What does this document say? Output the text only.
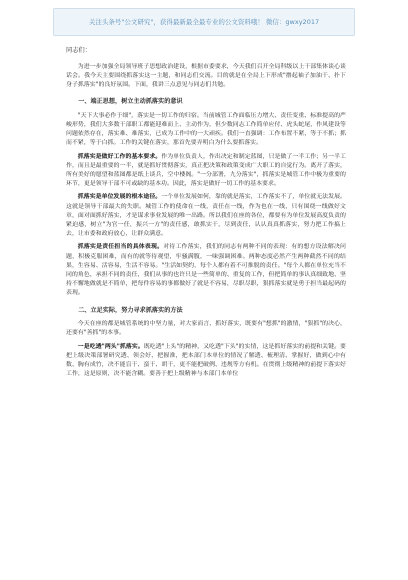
关注头条号"公文研究"，获得最新最全最专业的公文资料哦！ 微信：gwxy2017

同志们：

为进一步加强全局领导班子思想政治建设，根据市委要求，今天我们召开全局科级以上干部集体谈心谈话会。我今天主要围绕抓落实这一主题，和同志们交流。目的就是在全局上下形成"撸起袖子加油干、扑下身子抓落实"的良好氛围。下面，我讲三点意见与同志们共勉。

一、端正思想，树立主动抓落实的意识

"天下大事必作于细"，落实是一切工作的归宿。当前城管工作面临压力增大、责任变重、标准提高的严峻形势，我们大多数干部职工都能迎难而上、主动作为，但少数同志工作简单应付、虎头蛇尾，作风建设等问题依然存在，落实难、难落实，已成为工作中的一大顽疾。我们一直强调：工作布置不紧，等于不抓；抓而不紧，等于白抓。工作的关键在落实，那首先要弄明白为什么要抓落实。

抓落实是做好工作的基本要求。作为单位负责人，作出决定和制定蓝图，只是做了一半工作；另一半工作，而且是最重要的一半，就是抓好贯彻落实，真正把决策和政策变成广大职工的自觉行为。离开了落实，所有美好的愿望和蓝图都是纸上谈兵，空中楼阁。"一分部署，九分落实"，抓落实是城管工作中极为重要的环节，更是领导干部不可或缺的基本功。因此，落实是做好一切工作的基本要求。

抓落实是单位发展的根本途径。一个单位发展如何，靠的就是落实，工作落实不了，单位就无法发展。这就是领导干部最大的失职。城管工作的使命在一线，责任在一线，作为也在一线，只有围绕一线做好文章，面对面抓好落实，才是谋求事业发展的唯一出路。所以我们在座的各位，都要有为单位发展高度负责的紧迫感，树立"为官一任，振兴一方"的责任感，敢抓实干，尽到责任，认认真真抓落实，努力把工作搞上去，让市委和政府放心，让群众满意。

抓落实是责任担当的具体表现。对待工作落实，我们的同志有两种不同的表现：有的想方设法解决问题，积极克服困难，而有的就等待观望，牢骚满腹，一味强调困难。两种态度必然产生两种截然不同的结果，生容易、活容易，生活不容易。"生活如契约，每个人都有着不可推脱的责任。"每个人都在单位充当不同的角色，承担不同的责任，我们从事的也许只是一些简单的、重复的工作，但把简单的事认真细致地、坚持不懈地做就是不简单，把每件容易的事都做好了就是不容易，尽职尽职，狠抓落实就是勇于担当最起码的表现。

二、立足实际，努力寻求抓落实的方法

今天在座的都是城管系统的中坚力量，对大家而言，抓好落实，既要有"想抓"的激情，"狠抓"的决心，还要有"善抓"的本事。

一是吃透"两头"抓落实。既吃透"上头"的精神，又吃透"下头"的实情，这是抓好落实的前提和关键。要把上级决策部署研究透、领会好、把握准，把本部门本单位的情况了解透、梳理清、掌握好，做到心中有数、胸有成竹，决不能盲干、蛮干、胡干，更不能把破例、违规等方有机。在贯彻上级精神的前提下落实好工作，这是原则，决不能含糊。要善于把上级精神与本部门本单位
